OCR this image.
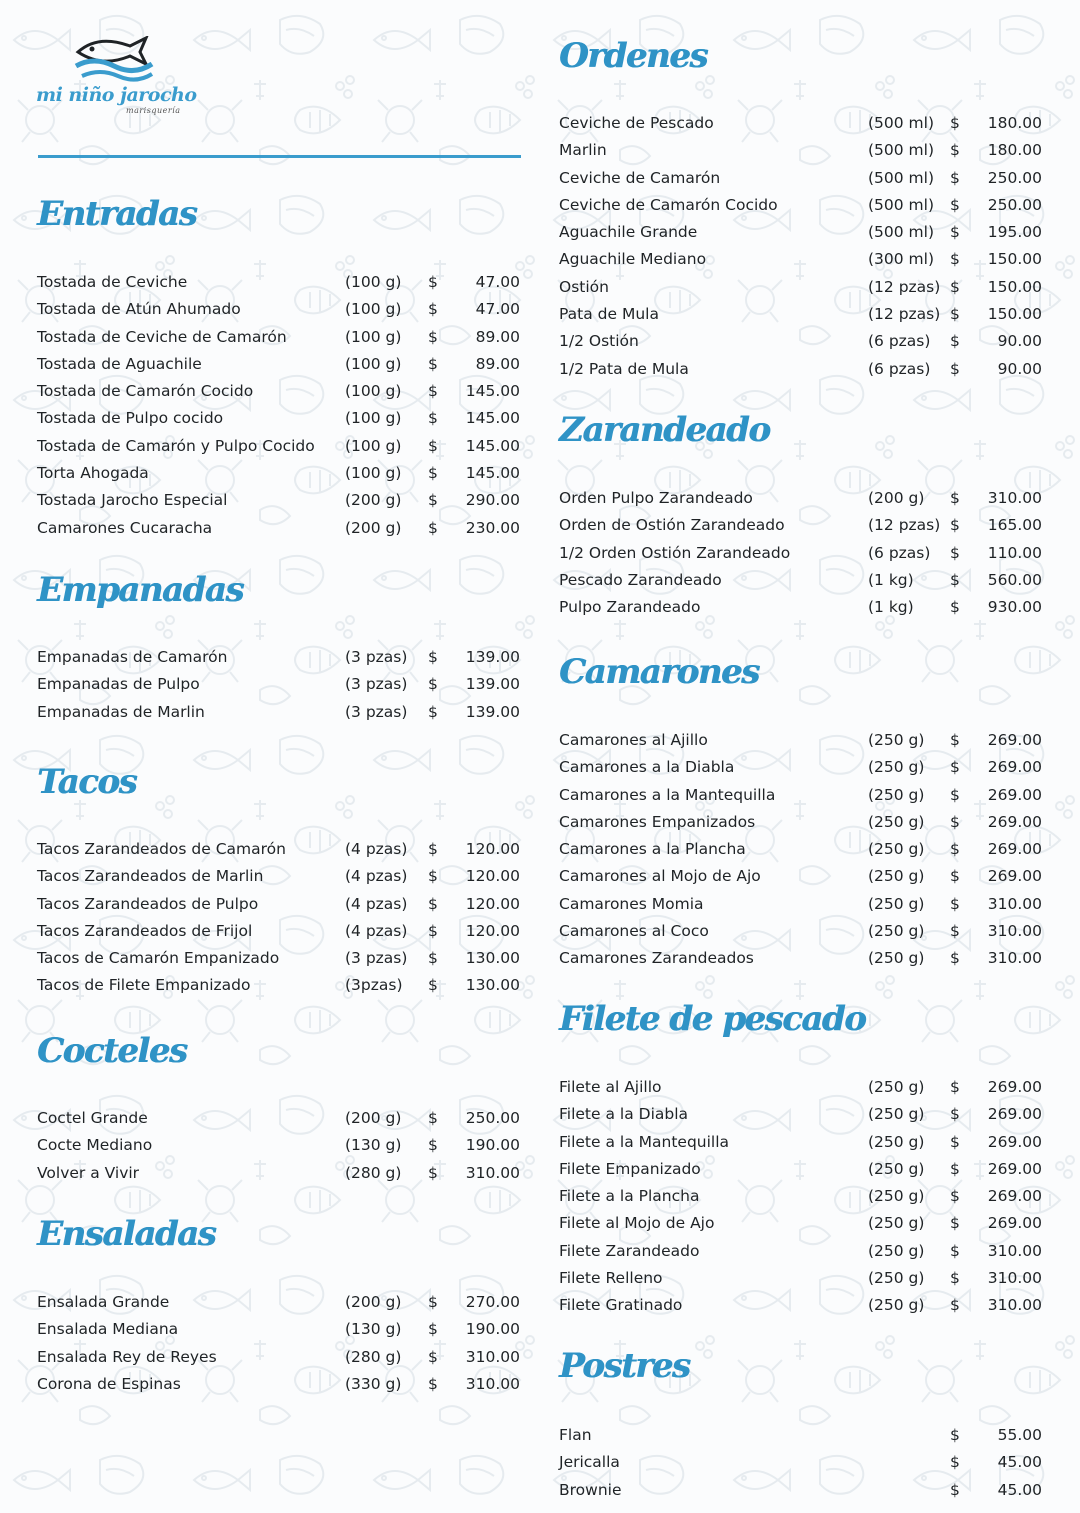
mi niño jarocho
marisquería
Entradas
Tostada de Ceviche	(100 g) $	47.00
Tostada de Atún Ahumado	(100 g) $	47.00
Tostada de Ceviche de Camarón	(100 g) $	89.00
Tostada de Aguachile	(100 g) $	89.00
Tostada de Camarón Cocido	(100 g) $	145.00
Tostada de Pulpo cocido	(100 g) $	145.00
Tostada de Camarón y Pulpo Cocido (100 g) $	145.00
Torta Ahogada	(100 g) $	145.00
Tostada Jarocho Especial	(200 g) $	290.00
Camarones Cucaracha	(200 g) $	230.00
Empanadas
Empanadas de Camarón	(3 pzas) $	139.00
Empanadas de Pulpo	(3 pzas) $	139.00
Empanadas de Marlin	(3 pzas) $	139.00
Tacos
Tacos Zarandeados de Camarón	(4 pzas) $	120.00
Tacos Zarandeados de Marlin	(4 pzas) $	120.00
Tacos Zarandeados de Pulpo	(4 pzas) $	120.00
Tacos Zarandeados de Frijol	(4 pzas) $	120.00
Tacos de Camarón Empanizado	(3 pzas) $	130.00
Tacos de Filete Empanizado	(3pzas) $	130.00
Cocteles
Coctel Grande	(200 g) $	250.00
Cocte Mediano	(130 g) $	190.00
Volver a Vivir	(280 g) $	310.00
Ensaladas
Ensalada Grande	(200 g) $	270.00
Ensalada Mediana	(130 g) $	190.00
Ensalada Rey de Reyes	(280 g) $	310.00
Corona de Espinas	(330 g) $	310.00
Ordenes
Ceviche de Pescado	(500 ml) $	180.00
Marlin	(500 ml) $	180.00
Ceviche de Camarón	(500 ml) $	250.00
Ceviche de Camarón Cocido	(500 ml) $	250.00
Aguachile Grande	(500 ml) $	195.00
Aguachile Mediano	(300 ml) $	150.00
Ostión	(12 pzas) $	150.00
Pata de Mula	(12 pzas) $	150.00
1/2 Ostión	(6 pzas) $	90.00
1/2 Pata de Mula	(6 pzas) $	90.00
Zarandeado
Orden Pulpo Zarandeado	(200 g) $	310.00
Orden de Ostión Zarandeado	(12 pzas) $	165.00
1/2 Orden Ostión Zarandeado	(6 pzas) $	110.00
Pescado Zarandeado	(1 kg) $	560.00
Pulpo Zarandeado	(1 kg) $	930.00
Camarones
Camarones al Ajillo	(250 g) $	269.00
Camarones a la Diabla	(250 g) $	269.00
Camarones a la Mantequilla	(250 g) $	269.00
Camarones Empanizados	(250 g) $	269.00
Camarones a la Plancha	(250 g) $	269.00
Camarones al Mojo de Ajo	(250 g) $	269.00
Camarones Momia	(250 g) $	310.00
Camarones al Coco	(250 g) $	310.00
Camarones Zarandeados	(250 g) $	310.00
Filete de pescado
Filete al Ajillo	(250 g) $	269.00
Filete a la Diabla	(250 g) $	269.00
Filete a la Mantequilla	(250 g) $	269.00
Filete Empanizado	(250 g) $	269.00
Filete a la Plancha	(250 g) $	269.00
Filete al Mojo de Ajo	(250 g) $	269.00
Filete Zarandeado	(250 g) $	310.00
Filete Relleno	(250 g) $	310.00
Filete Gratinado	(250 g) $	310.00
Postres
Flan	$	55.00
Jericalla	$	45.00
Brownie	$	45.00
